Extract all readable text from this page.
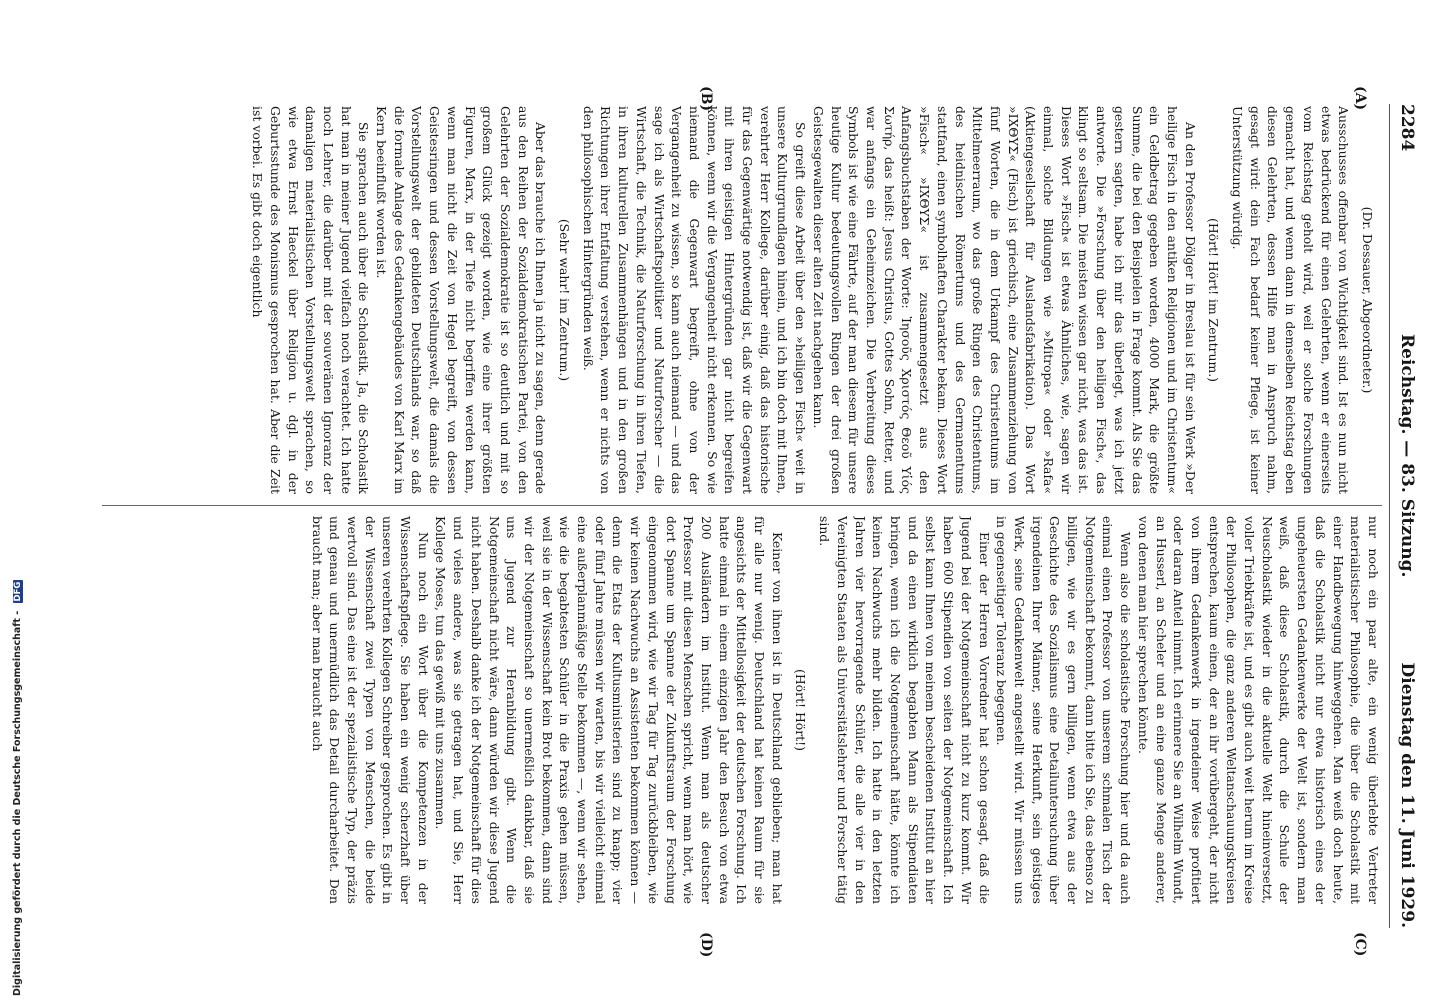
Digitalisierung gefördert durch die Deutsche Forschungsgemeinschaft - DFG
2284
Reichstag. — 83. Sitzung.
Dienstag den 11. Juni 1929.
(A)
(B)
(C)
(D)

(Dr. Dessauer, Abgeordneter.)

Ausschusses offenbar von Wichtigkeit sind. Ist es nun nicht etwas bedrückend für einen Gelehrten, wenn er einerseits vom Reichstag geholt wird, weil er solche Forschungen gemacht hat, und wenn dann in demselben Reichstag eben diesen Gelehrten, dessen Hilfe man in Anspruch nahm, gesagt wird: dein Fach bedarf keiner Pflege, ist keiner Unterstützung würdig.

(Hört! Hört! im Zentrum.)

An den Professor Dölger in Breslau ist für sein Werk »Der heilige Fisch in den antiken Religionen und im Christentum« ein Geldbetrag gegeben worden, 4000 Mark, die größte Summe, die bei den Beispielen in Frage kommt. Als Sie das gestern sagten, habe ich mir das überlegt, was ich jetzt antworte. Die »Forschung über den heiligen Fisch«, das klingt so seltsam. Die meisten wissen gar nicht, was das ist. Dieses Wort »Fisch« ist etwas Ähnliches, wie, sagen wir einmal, solche Bildungen wie »Mitropa« oder »Rafa« (Aktiengesellschaft für Auslandsfabrikation). Das Wort »ΙΧΘΥΣ« (Fisch) ist griechisch, eine Zusammenziehung von fünf Worten, die in dem Urkampf des Christentums im Mittelmeerraum, wo das große Ringen des Christentums, des heidnischen Römertums und des Germanentums stattfand, einen symbolhaften Charakter bekam. Dieses Wort »Fisch« »ΙΧΘΥΣ« ist zusammengesetzt aus den Anfangsbuchstaben der Worte: Ἰησοῦς Χριστός Θεοῦ Υἱός Σωτήρ, das heißt: Jesus Christus, Gottes Sohn, Retter, und war anfangs ein Geheimzeichen. Die Verbreitung dieses Symbols ist wie eine Fährte, auf der man diesem für unsere heutige Kultur bedeutungsvollen Ringen der drei großen Geistesgewalten dieser alten Zeit nachgehen kann.

So greift diese Arbeit über den »heiligen Fisch« weit in unsere Kulturgrundlagen hinein, und ich bin doch mit Ihnen, verehrter Herr Kollege, darüber einig, daß das historische für das Gegenwärtige notwendig ist, daß wir die Gegenwart mit ihren geistigen Hintergründen gar nicht begreifen können, wenn wir die Vergangenheit nicht erkennen. So wie niemand die Gegenwart begreift, ohne von der Vergangenheit zu wissen, so kann auch niemand — und das sage ich als Wirtschaftspolitiker und Naturforscher — die Wirtschaft, die Technik, die Naturforschung in ihren Tiefen, in ihren kulturellen Zusammenhängen und in den großen Richtungen ihrer Entfaltung verstehen, wenn er nichts von den philosophischen Hintergründen weiß.

(Sehr wahr! im Zentrum.)

Aber das brauche ich Ihnen ja nicht zu sagen, denn gerade aus den Reihen der Sozialdemokratischen Partei, von den Gelehrten der Sozialdemokratie ist so deutlich und mit so großem Glück gezeigt worden, wie eine ihrer größten Figuren, Marx, in der Tiefe nicht begriffen werden kann, wenn man nicht die Zeit von Hegel begreift, von dessen Geistesringen und dessen Vorstellungswelt, die damals die Vorstellungswelt der gebildeten Deutschlands war, so daß die formale Anlage des Gedankengebäudes von Karl Marx im Kern beeinflußt worden ist.

Sie sprachen auch über die Scholastik. Ja, die Scholastik hat man in meiner Jugend vielfach noch verachtet. Ich hatte noch Lehrer, die darüber mit der souveränen Ignoranz der damaligen materialistischen Vorstellungswelt sprachen, so wie etwa Ernst Haeckel über Religion u. dgl. in der Geburtsstunde des Monismus gesprochen hat. Aber die Zeit ist vorbei. Es gibt doch eigentlich

nur noch ein paar alte, ein wenig überlebte Vertreter materialistischer Philosophie, die über die Scholastik mit einer Handbewegung hinweggehen. Man weiß doch heute, daß die Scholastik nicht nur etwa historisch eines der ungeheuersten Gedankenwerke der Welt ist, sondern man weiß, daß diese Scholastik, durch die Schule der Neuscholastik wieder in die aktuelle Welt hineinversetzt, voller Triebkräfte ist, und es gibt auch weit herum im Kreise der Philosophen, die ganz anderen Weltanschauungskreisen entsprechen, kaum einen, der an ihr vorübergeht, der nicht von ihrem Gedankenwerk in irgendeiner Weise profitiert oder daran Anteil nimmt. Ich erinnere Sie an Wilhelm Wundt, an Husserl, an Scheler und an eine ganze Menge anderer, von denen man hier sprechen könnte.

Wenn also die scholastische Forschung hier und da auch einmal einen Professor von unserem schmalen Tisch der Notgemeinschaft bekommt, dann bitte ich Sie, das ebenso zu billigen, wie wir es gern billigen, wenn etwa aus der Geschichte des Sozialismus eine Detailuntersuchung über irgendeinen Ihrer Männer, seine Herkunft, sein geistiges Werk, seine Gedankenwelt angestellt wird. Wir müssen uns in gegenseitiger Toleranz begegnen.

Einer der Herren Vorredner hat schon gesagt, daß die Jugend bei der Notgemeinschaft nicht zu kurz kommt. Wir haben 600 Stipendien von seiten der Notgemeinschaft. Ich selbst kann Ihnen von meinem bescheidenen Institut an hier und da einen wirklich begabten Mann als Stipendiaten bringen, wenn ich die Notgemeinschaft hätte, könnte ich keinen Nachwuchs mehr bilden. Ich hatte in den letzten Jahren vier hervorragende Schüler, die alle vier in den Vereinigten Staaten als Universitätslehrer und Forscher tätig sind.

(Hört! Hört!)

Keiner von ihnen ist in Deutschland geblieben; man hat für alle nur wenig. Deutschland hat keinen Raum für sie angesichts der Mittellosigkeit der deutschen Forschung. Ich hatte einmal in einem einzigen Jahr den Besuch von etwa 200 Ausländern im Institut. Wenn man als deutscher Professor mit diesen Menschen spricht, wenn man hört, wie dort Spanne um Spanne der Zukunftsraum der Forschung eingenommen wird, wie wir Tag für Tag zurückbleiben, wie wir keinen Nachwuchs an Assistenten bekommen können — denn die Etats der Kultusministerien sind zu knapp; vier oder fünf Jahre müssen wir warten, bis wir vielleicht einmal eine außerplanmäßige Stelle bekommen —, wenn wir sehen, wie die begabtesten Schüler in die Praxis gehen müssen, weil sie in der Wissenschaft kein Brot bekommen, dann sind wir der Notgemeinschaft so unermeßlich dankbar, daß sie uns Jugend zur Heranbildung gibt. Wenn die Notgemeinschaft nicht wäre, dann würden wir diese Jugend nicht haben. Deshalb danke ich der Notgemeinschaft für dies und vieles andere, was sie getragen hat, und Sie, Herr Kollege Moses, tun das gewiß mit uns zusammen.

Nun noch ein Wort über die Kompetenzen in der Wissenschaftspflege. Sie haben ein wenig scherzhaft über unseren verehrten Kollegen Schreiber gesprochen. Es gibt in der Wissenschaft zwei Typen von Menschen, die beide wertvoll sind. Das eine ist der spezialistische Typ, der präzis und genau und unermüdlich das Detail durcharbeitet. Den braucht man; aber man braucht auch
